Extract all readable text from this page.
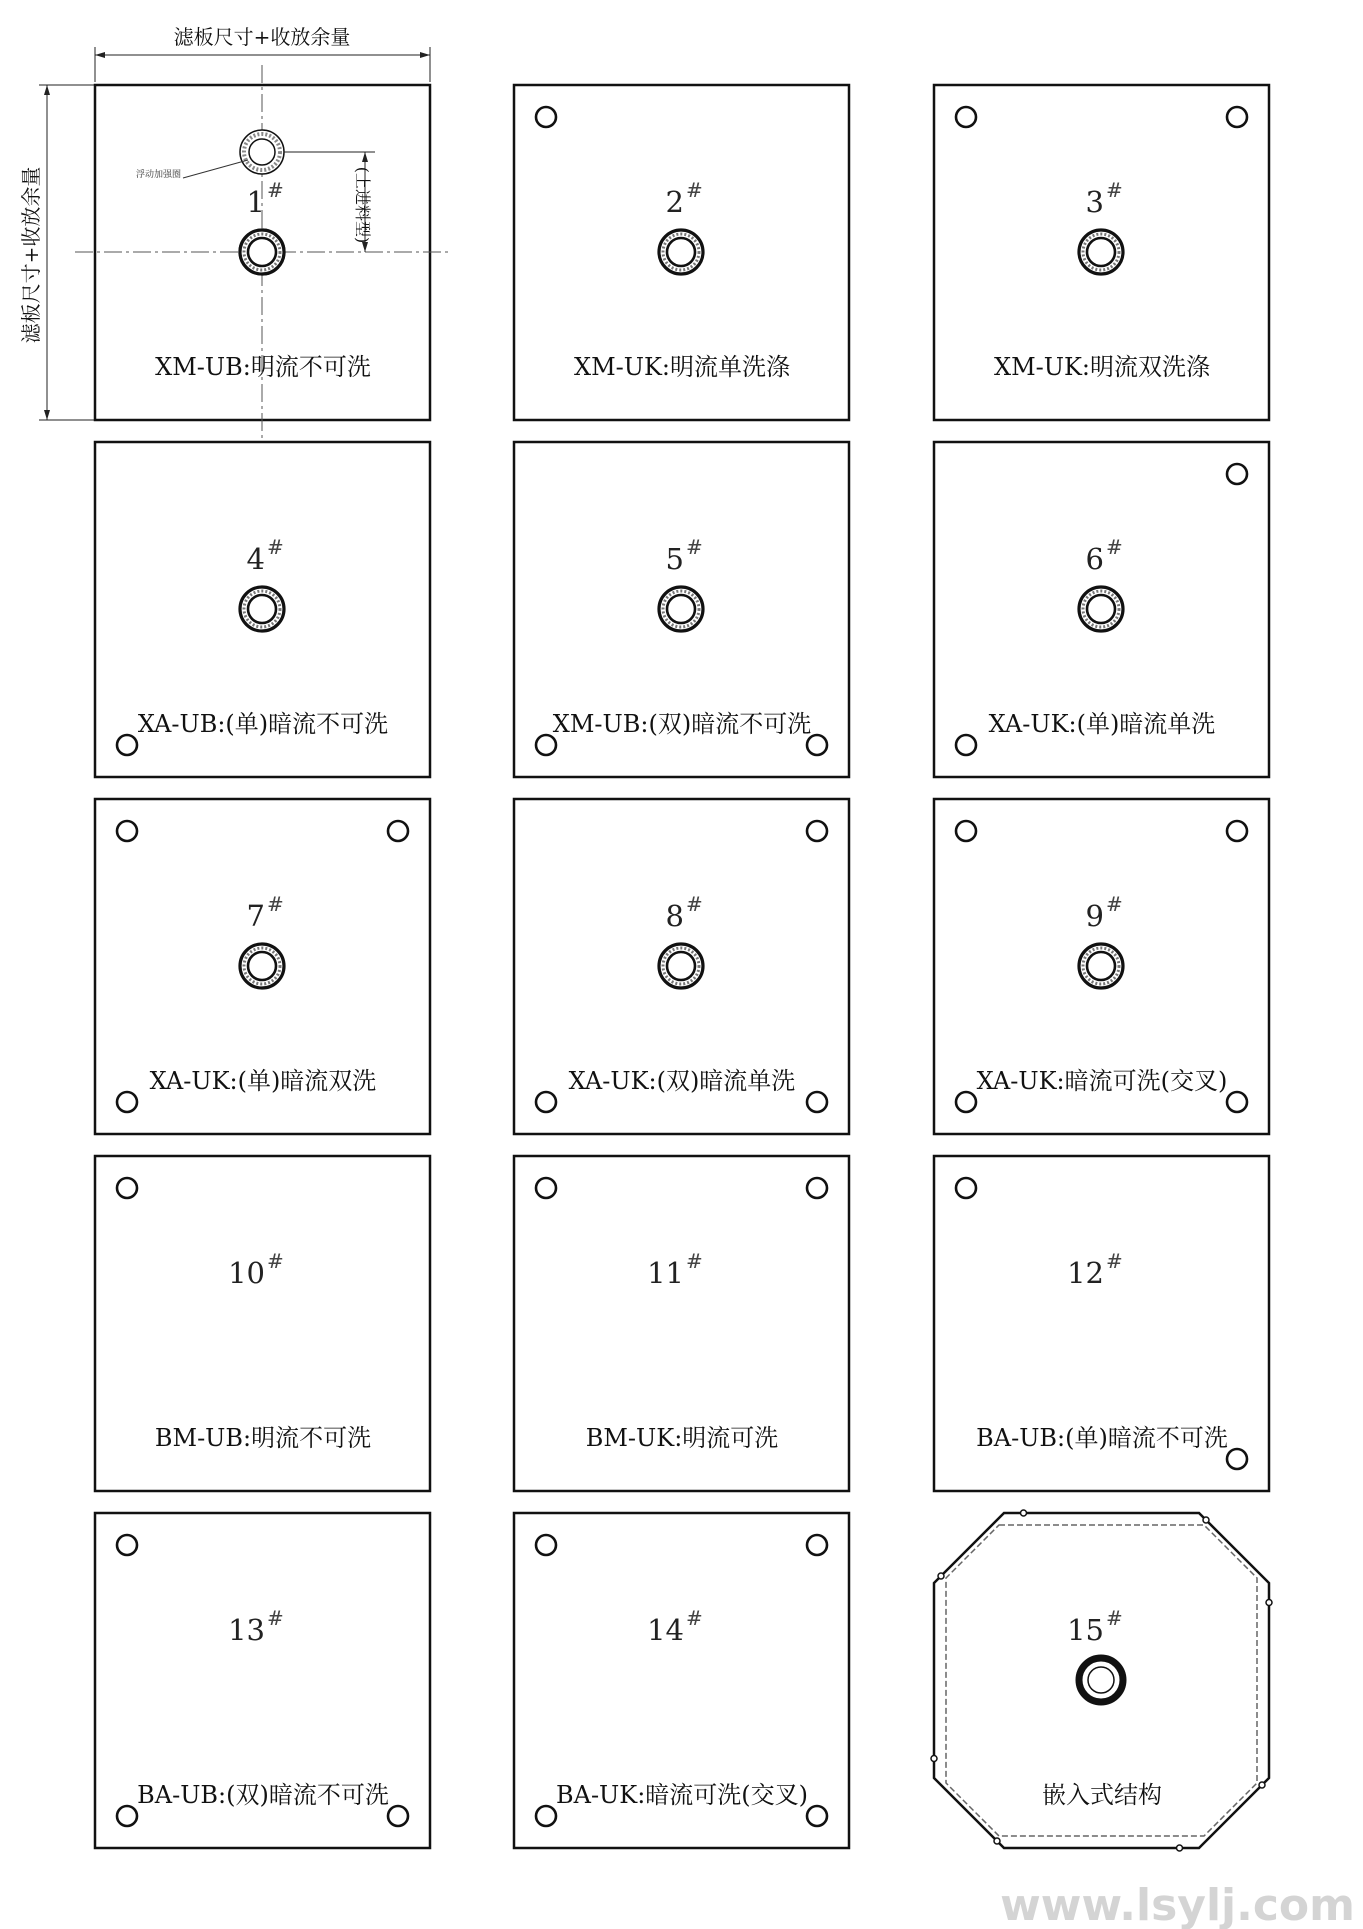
滤板尺寸+收放余量
滤板尺寸+收放余量	1 #
XM-UB:明流不可洗
浮动加强圈	(上进料型)	2 #
XM-UK:明流单洗涤
3 #
XM-UK:明流双洗涤
4 #
XA-UB:(单)暗流不可洗
5 #
XM-UB:(双)暗流不可洗
6 #
XA-UK:(单)暗流单洗
7 #
XA-UK:(单)暗流双洗
8 #
XA-UK:(双)暗流单洗
9 #
XA-UK:暗流可洗(交叉)
10 #
BM-UB:明流不可洗
11 #
BM-UK:明流可洗
12 #
BA-UB:(单)暗流不可洗
13 #
BA-UB:(双)暗流不可洗
14 #
BA-UK:暗流可洗(交叉)
15 #
嵌入式结构
www.lsylj.com
